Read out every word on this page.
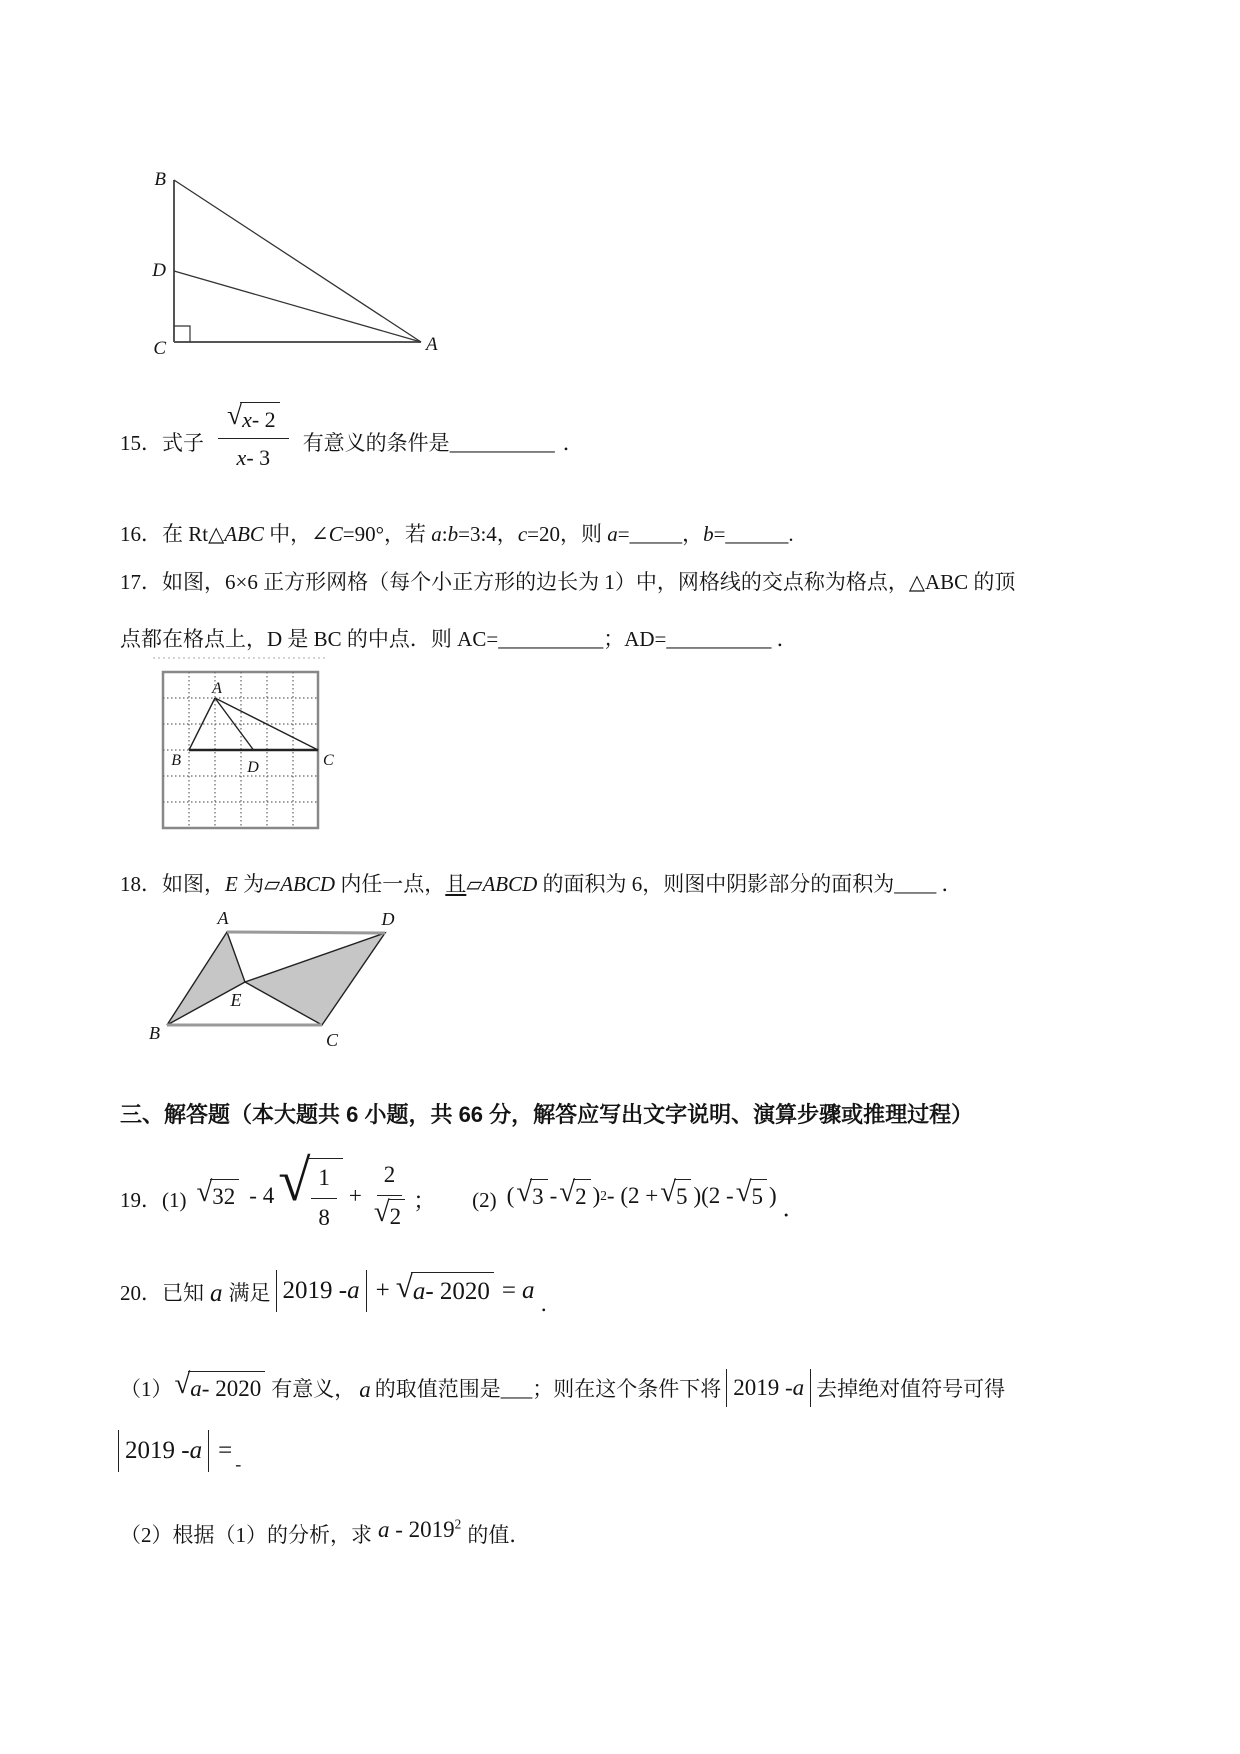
B
D
C	A
15．式子 $\frac{√ x - 2}{x - 3}$ 有意义的条件是 __________ ．
16．在 Rt△ABC 中，∠C=90°，若 a:b=3:4，c=20，则 a=_____，b=______.
17．如图，6×6 正方形网格（每个小正方形的边长为 1）中，网格线的交点称为格点，△ABC 的顶
点都在格点上，D 是 BC 的中点．则 AC=__________；AD=__________ ．
A
B	D	C
18．如图，E 为▱ABCD 内任一点，且▱ABCD 的面积为 6，则图中阴影部分的面积为____ ．
A	D
B	C
E
三、解答题（本大题共 6 小题，共 66 分，解答应写出文字说明、演算步骤或推理过程）
19．(1) √ 32 - 4 √ $\frac{1}{8} + \frac{2}{√ 2}$ ； (2) ( √ 3 - √ 2 ) 2 - (2 + √ 5 )(2 - √ 5 )
．
20．已知 a 满足 2019 - a + √ a - 2020 = a ．
（1） √ a - 2020 有意义， a 的取值范围是 ___ ；则在这个条件下将 2019 - a 去掉绝对值符号可得
2019 - a = -
（2）根据（1）的分析，求 a - 2019$^2$ 的值．
